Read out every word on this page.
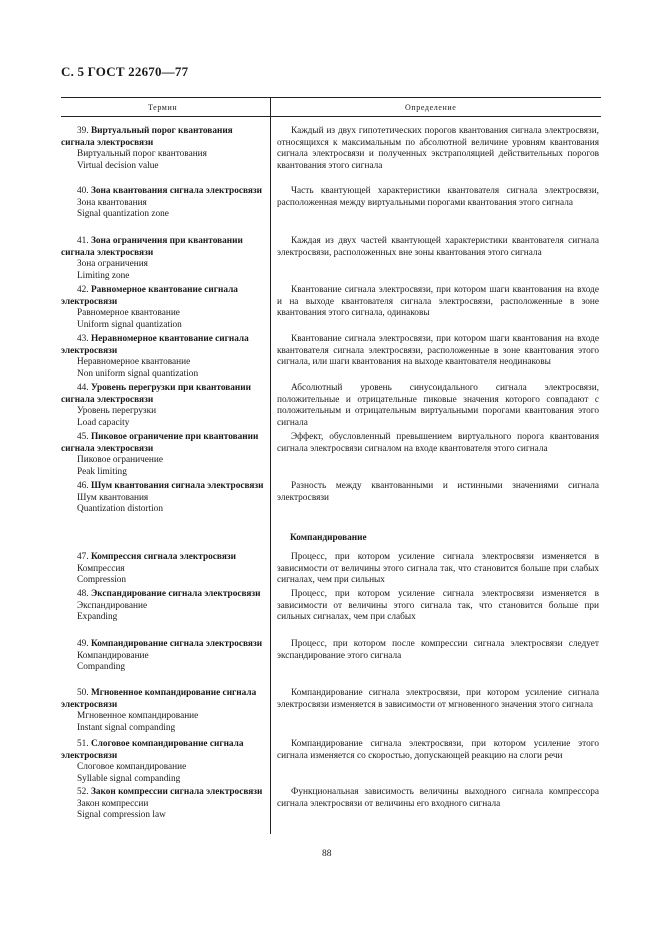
С. 5 ГОСТ 22670—77
Термин	Определение
39. Виртуальный порог квантования сигнала электросвязи
Виртуальный порог квантования
Virtual decision value
Каждый из двух гипотетических порогов квантования сигнала электросвязи, относящихся к максимальным по абсолютной величине уровням квантования сигнала электросвязи и полученных экстраполяцией действительных порогов квантования этого сигнала
40. Зона квантования сигнала электросвязи
Зона квантования
Signal quantization zone
Часть квантующей характеристики квантователя сигнала электросвязи, расположенная между виртуальными порогами квантования этого сигнала
41. Зона ограничения при квантовании сигнала электросвязи
Зона ограничения
Limiting zone
Каждая из двух частей квантующей характеристики квантователя сигнала электросвязи, расположенных вне зоны квантования этого сигнала
42. Равномерное квантование сигнала электросвязи
Равномерное квантование
Uniform signal quantization
Квантование сигнала электросвязи, при котором шаги квантования на входе и на выходе квантователя сигнала электросвязи, расположенные в зоне квантования этого сигнала, одинаковы
43. Неравномерное квантование сигнала электросвязи
Неравномерное квантование
Non uniform signal quantization
Квантование сигнала электросвязи, при котором шаги квантования на входе квантователя сигнала электросвязи, расположенные в зоне квантования этого сигнала, или шаги квантования на выходе квантователя неодинаковы
44. Уровень перегрузки при квантовании сигнала электросвязи
Уровень перегрузки
Load capacity
Абсолютный уровень синусоидального сигнала электросвязи, положительные и отрицательные пиковые значения которого совпадают с положительным и отрицательным виртуальными порогами квантования этого сигнала
45. Пиковое ограничение при квантовании сигнала электросвязи
Пиковое ограничение
Peak limiting
Эффект, обусловленный превышением виртуального порога квантования сигнала электросвязи сигналом на входе квантователя этого сигнала
46. Шум квантования сигнала электросвязи
Шум квантования
Quantization distortion
Разность между квантованными и истинными значениями сигнала электросвязи
47. Компрессия сигнала электросвязи
Компрессия
Compression
Процесс, при котором усиление сигнала электросвязи изменяется в зависимости от величины этого сигнала так, что становится больше при слабых сигналах, чем при сильных
48. Экспандирование сигнала электросвязи
Экспандирование
Expanding
Процесс, при котором усиление сигнала электросвязи изменяется в зависимости от величины этого сигнала так, что становится больше при сильных сигналах, чем при слабых
49. Компандирование сигнала электросвязи
Компандирование
Companding
Процесс, при котором после компрессии сигнала электросвязи следует экспандирование этого сигнала
50. Мгновенное компандирование сигнала электросвязи
Мгновенное компандирование
Instant signal companding
Компандирование сигнала электросвязи, при котором усиление сигнала электросвязи изменяется в зависимости от мгновенного значения этого сигнала
51. Слоговое компандирование сигнала электросвязи
Слоговое компандирование
Syllable signal companding
Компандирование сигнала электросвязи, при котором усиление этого сигнала изменяется со скоростью, допускающей реакцию на слоги речи
52. Закон компрессии сигнала электросвязи
Закон компрессии
Signal compression law
Функциональная зависимость величины выходного сигнала компрессора сигнала электросвязи от величины его входного сигнала
Компандирование
88
